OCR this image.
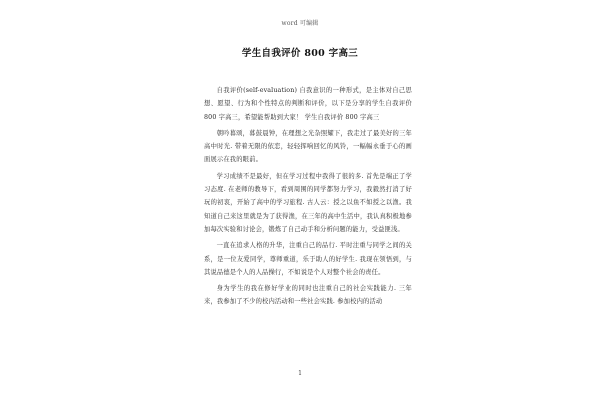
word 可编辑
学生自我评价 800 字高三

自我评价(self-evaluation) 自我意识的一种形式，是主体对自己思想、愿望、行为和个性特点的判断和评价，以下是分享的学生自我评价 800 字高三，希望能帮助到大家！ 学生自我评价 800 字高三

朝吟暮颂，暮鼓晨钟，在理想之光杂照耀下，我走过了最美好的三年高中时光. 带着无限的依恋，轻轻挥响回忆的风铃，一幅幅永垂于心的画面展示在我的眼前。

学习成绩不是最好，但在学习过程中我得了很的多. 首先是端正了学习态度. 在老师的教导下，看到周围的同学都努力学习，我毅然打消了好玩的初衷，开始了高中的学习旅程. 古人云：授之以鱼不如授之以渔。我知道自己来这里就是为了获得渔，在三年的高中生活中，我认真积极地参加每次实验和讨论会，锻炼了自己动手和分析问题的能力，受益匪浅。

一直在追求人格的升华，注重自己的品行. 平时注重与同学之间的关系，是一位友爱同学，尊师重道，乐于助人的好学生. 我现在领悟到，与其说品德是个人的人品操行，不如说是个人对整个社会的责任。

身为学生的我在修好学业的同时也注重自己的社会实践能力. 三年来，我参加了不少的校内活动和一些社会实践. 参加校内的活动

1
